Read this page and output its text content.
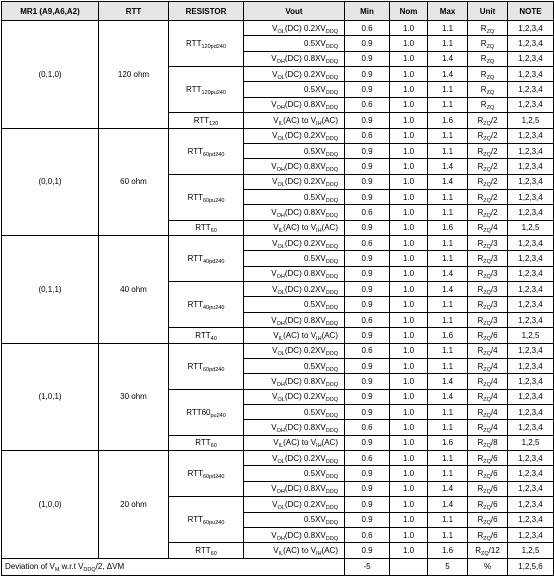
MR1 (A9,A6,A2)	RTT	RESISTOR	Vout	Min	Nom	Max	Unit	NOTE
(0,1,0)	120 ohm	$RTT_{120pd240}$	$V_{OL}(DC)$ $0.2XV_{DDQ}$	0.6	1.0	1.1	$R_{ZQ}$	1,2,3,4
			$0.5XV_{DDQ}$	0.9	1.0	1.1	$R_{ZQ}$	1,2,3,4
			$V_{OH}(DC)$ $0.8XV_{DDQ}$	0.9	1.0	1.4	$R_{ZQ}$	1,2,3,4
		$RTT_{120pu240}$	$V_{OL}(DC)$ $0.2XV_{DDQ}$	0.9	1.0	1.4	$R_{ZQ}$	1,2,3,4
			$0.5XV_{DDQ}$	0.9	1.0	1.1	$R_{ZQ}$	1,2,3,4
			$V_{OH}(DC)$ $0.8XV_{DDQ}$	0.6	1.0	1.1	$R_{ZQ}$	1,2,3,4
		$RTT_{120}$	$V_{IL}(AC)$ to $V_{IH}(AC)$	0.9	1.0	1.6	$R_{ZQ}/2$	1,2,5
(0,0,1)	60 ohm	$RTT_{60pd240}$	$V_{OL}(DC)$ $0.2XV_{DDQ}$	0.6	1.0	1.1	$R_{ZQ}/2$	1,2,3,4
			$0.5XV_{DDQ}$	0.9	1.0	1.1	$R_{ZQ}/2$	1,2,3,4
			$V_{OH}(DC)$ $0.8XV_{DDQ}$	0.9	1.0	1.4	$R_{ZQ}/2$	1,2,3,4
		$RTT_{60pu240}$	$V_{OL}(DC)$ $0.2XV_{DDQ}$	0.9	1.0	1.4	$R_{ZQ}/2$	1,2,3,4
			$0.5XV_{DDQ}$	0.9	1.0	1.1	$R_{ZQ}/2$	1,2,3,4
			$V_{OH}(DC)$ $0.8XV_{DDQ}$	0.6	1.0	1.1	$R_{ZQ}/2$	1,2,3,4
		$RTT_{60}$	$V_{IL}(AC)$ to $V_{IH}(AC)$	0.9	1.0	1.6	$R_{ZQ}/4$	1,2,5
(0,1,1)	40 ohm	$RTT_{40pd240}$	$V_{OL}(DC)$ $0.2XV_{DDQ}$	0.6	1.0	1.1	$R_{ZQ}/3$	1,2,3,4
			$0.5XV_{DDQ}$	0.9	1.0	1.1	$R_{ZQ}/3$	1,2,3,4
			$V_{OH}(DC)$ $0.8XV_{DDQ}$	0.9	1.0	1.4	$R_{ZQ}/3$	1,2,3,4
		$RTT_{40pu240}$	$V_{OL}(DC)$ $0.2XV_{DDQ}$	0.9	1.0	1.4	$R_{ZQ}/3$	1,2,3,4
			$0.5XV_{DDQ}$	0.9	1.0	1.1	$R_{ZQ}/3$	1,2,3,4
			$V_{OH}(DC)$ $0.8XV_{DDQ}$	0.6	1.0	1.1	$R_{ZQ}/3$	1,2,3,4
		$RTT_{40}$	$V_{IL}(AC)$ to $V_{IH}(AC)$	0.9	1.0	1.6	$R_{ZQ}/6$	1,2,5
(1,0,1)	30 ohm	$RTT_{60pd240}$	$V_{OL}(DC)$ $0.2XV_{DDQ}$	0.6	1.0	1.1	$R_{ZQ}/4$	1,2,3,4
			$0.5XV_{DDQ}$	0.9	1.0	1.1	$R_{ZQ}/4$	1,2,3,4
			$V_{OH}(DC)$ $0.8XV_{DDQ}$	0.9	1.0	1.4	$R_{ZQ}/4$	1,2,3,4
		$RTT60_{pu240}$	$V_{OL}(DC)$ $0.2XV_{DDQ}$	0.9	1.0	1.4	$R_{ZQ}/4$	1,2,3,4
			$0.5XV_{DDQ}$	0.9	1.0	1.1	$R_{ZQ}/4$	1,2,3,4
			$V_{OH}(DC)$ $0.8XV_{DDQ}$	0.6	1.0	1.1	$R_{ZQ}/4$	1,2,3,4
		$RTT_{60}$	$V_{IL}(AC)$ to $V_{IH}(AC)$	0.9	1.0	1.6	$R_{ZQ}/8$	1,2,5
(1,0,0)	20 ohm	$RTT_{60pd240}$	$V_{OL}(DC)$ $0.2XV_{DDQ}$	0.6	1.0	1.1	$R_{ZQ}/6$	1,2,3,4
			$0.5XV_{DDQ}$	0.9	1.0	1.1	$R_{ZQ}/6$	1,2,3,4
			$V_{OH}(DC)$ $0.8XV_{DDQ}$	0.9	1.0	1.4	$R_{ZQ}/6$	1,2,3,4
		$RTT_{60pu240}$	$V_{OL}(DC)$ $0.2XV_{DDQ}$	0.9	1.0	1.4	$R_{ZQ}/6$	1,2,3,4
			$0.5XV_{DDQ}$	0.9	1.0	1.1	$R_{ZQ}/6$	1,2,3,4
			$V_{OH}(DC)$ $0.8XV_{DDQ}$	0.6	1.0	1.1	$R_{ZQ}/6$	1,2,3,4
		$RTT_{60}$	$V_{IL}(AC)$ to $V_{IH}(AC)$	0.9	1.0	1.6	$R_{ZQ}/12$	1,2,5
Deviation of $V_M$ w.r.t $V_{DDQ}/2$, ΔVM				-5		5	%	1,2,5,6
